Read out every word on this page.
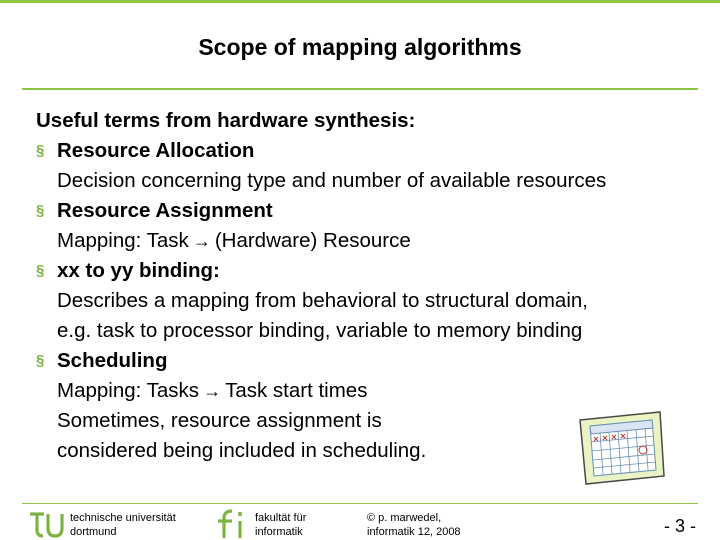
Scope of mapping algorithms
Useful terms from hardware synthesis:
§ Resource Allocation
Decision concerning type and number of available resources
§ Resource Assignment
Mapping: Task → (Hardware) Resource
§ xx to yy binding:
Describes a mapping from behavioral to structural domain,
e.g. task to processor binding, variable to memory binding
§ Scheduling
Mapping: Tasks → Task start times
Sometimes, resource assignment is
considered being included in scheduling.
technische universität
dortmund
fakultät für
informatik
© p. marwedel,
informatik 12, 2008	- 3 -
